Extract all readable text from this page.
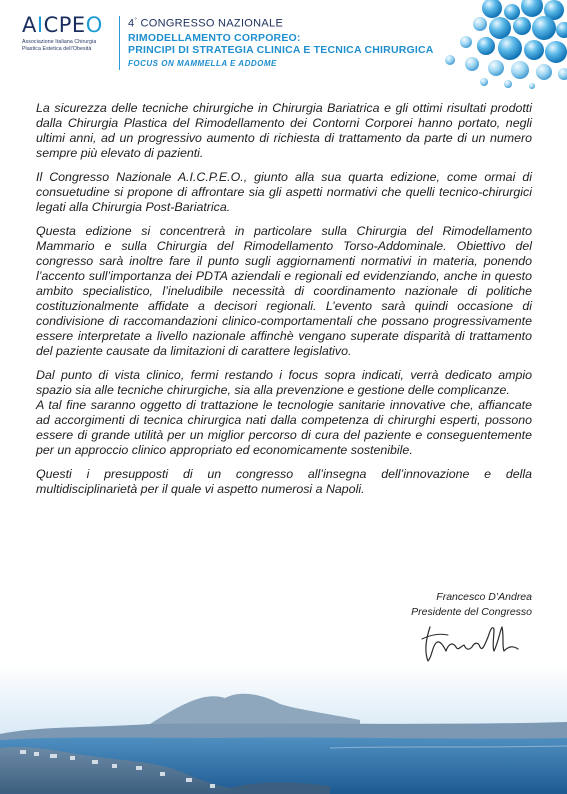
AICPEO
Associazione Italiana Chirurgia
Plastica Estetica dell'Obesità
4° CONGRESSO NAZIONALE
RIMODELLAMENTO CORPOREO:
PRINCIPI DI STRATEGIA CLINICA E TECNICA CHIRURGICA
FOCUS ON MAMMELLA E ADDOME

La sicurezza delle tecniche chirurgiche in Chirurgia Bariatrica e gli ottimi risultati prodotti dalla Chirurgia Plastica del Rimodellamento dei Contorni Corporei hanno portato, negli ultimi anni, ad un progressivo aumento di richiesta di trattamento da parte di un numero sempre più elevato di pazienti.

Il Congresso Nazionale A.I.C.P.E.O., giunto alla sua quarta edizione, come ormai di consuetudine si propone di affrontare sia gli aspetti normativi che quelli tecnico-chirurgici legati alla Chirurgia Post-Bariatrica.

Questa edizione si concentrerà in particolare sulla Chirurgia del Rimodellamento Mammario e sulla Chirurgia del Rimodellamento Torso-Addominale. Obiettivo del congresso sarà inoltre fare il punto sugli aggiornamenti normativi in materia, ponendo l’accento sull’importanza dei PDTA aziendali e regionali ed evidenziando, anche in questo ambito specialistico, l’ineludibile necessità di coordinamento nazionale di politiche costituzionalmente affidate a decisori regionali. L’evento sarà quindi occasione di condivisione di raccomandazioni clinico-comportamentali che possano progressivamente essere interpretate a livello nazionale affinchè vengano superate disparità di trattamento del paziente causate da limitazioni di carattere legislativo.

Dal punto di vista clinico, fermi restando i focus sopra indicati, verrà dedicato ampio spazio sia alle tecniche chirurgiche, sia alla prevenzione e gestione delle complicanze.

A tal fine saranno oggetto di trattazione le tecnologie sanitarie innovative che, affiancate ad accorgimenti di tecnica chirurgica nati dalla competenza di chirurghi esperti, possono essere di grande utilità per un miglior percorso di cura del paziente e conseguentemente per un approccio clinico appropriato ed economicamente sostenibile.

Questi i presupposti di un congresso all’insegna dell’innovazione e della multidisciplinarietà per il quale vi aspetto numerosi a Napoli.

Francesco D’Andrea
Presidente del Congresso
